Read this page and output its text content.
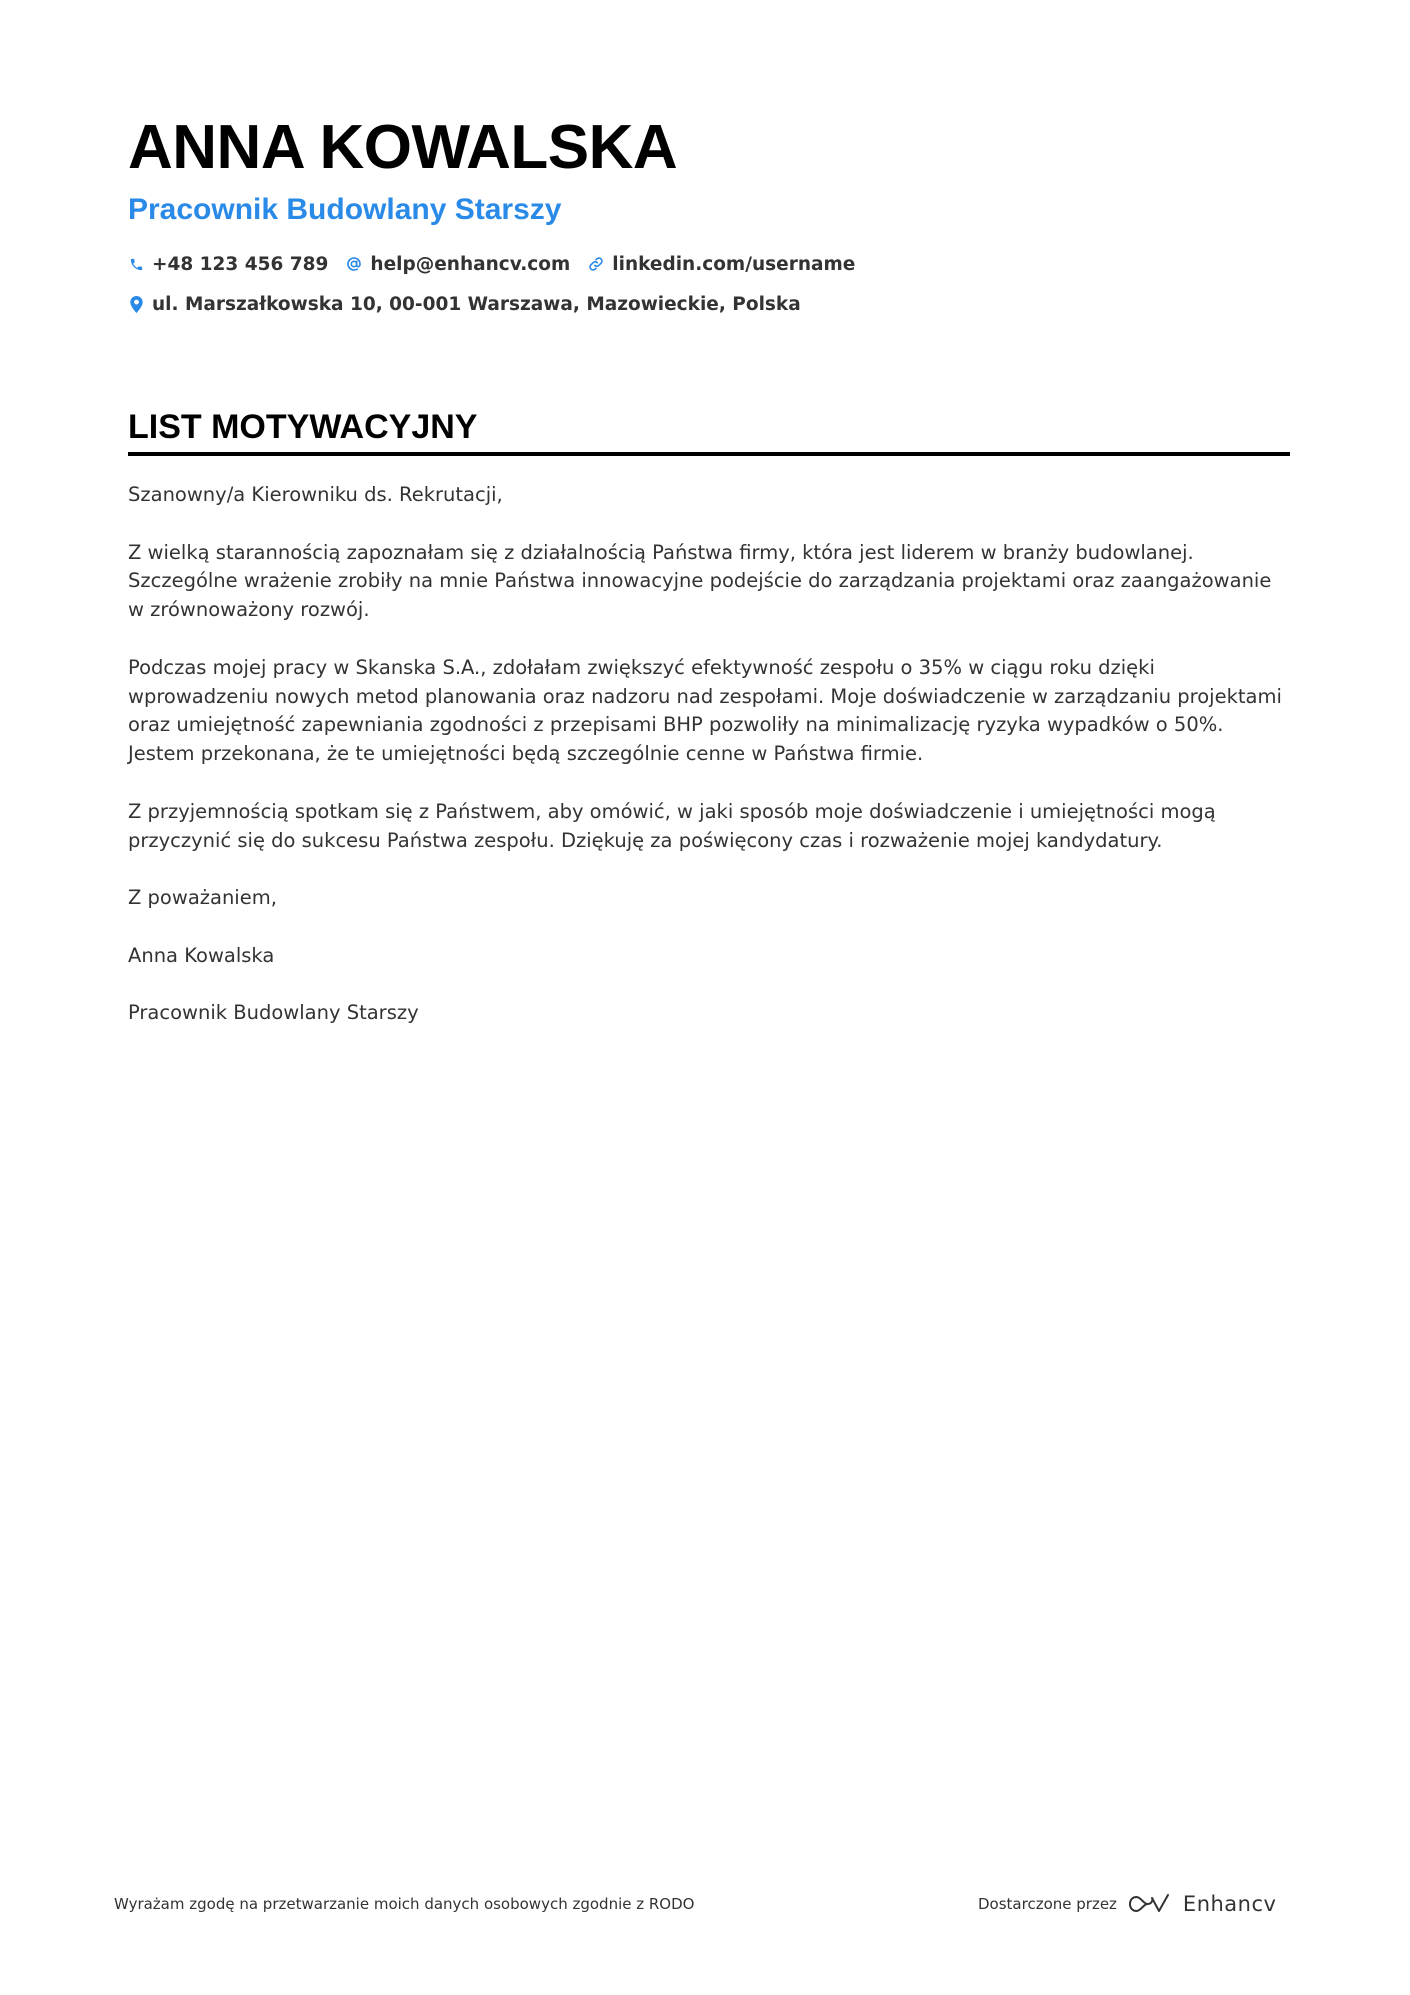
ANNA KOWALSKA
Pracownik Budowlany Starszy
+48 123 456 789 help@enhancv.com linkedin.com/username
ul. Marszałkowska 10, 00-001 Warszawa, Mazowieckie, Polska
LIST MOTYWACYJNY

Szanowny/a Kierowniku ds. Rekrutacji,

Z wielką starannością zapoznałam się z działalnością Państwa firmy, która jest liderem w branży budowlanej. Szczególne wrażenie zrobiły na mnie Państwa innowacyjne podejście do zarządzania projektami oraz zaangażowanie w zrównoważony rozwój.

Podczas mojej pracy w Skanska S.A., zdołałam zwiększyć efektywność zespołu o 35% w ciągu roku dzięki wprowadzeniu nowych metod planowania oraz nadzoru nad zespołami. Moje doświadczenie w zarządzaniu projektami oraz umiejętność zapewniania zgodności z przepisami BHP pozwoliły na minimalizację ryzyka wypadków o 50%. Jestem przekonana, że te umiejętności będą szczególnie cenne w Państwa firmie.

Z przyjemnością spotkam się z Państwem, aby omówić, w jaki sposób moje doświadczenie i umiejętności mogą przyczynić się do sukcesu Państwa zespołu. Dziękuję za poświęcony czas i rozważenie mojej kandydatury.

Z poważaniem,

Anna Kowalska

Pracownik Budowlany Starszy

Wyrażam zgodę na przetwarzanie moich danych osobowych zgodnie z RODO	Dostarczone przez	Enhancv
